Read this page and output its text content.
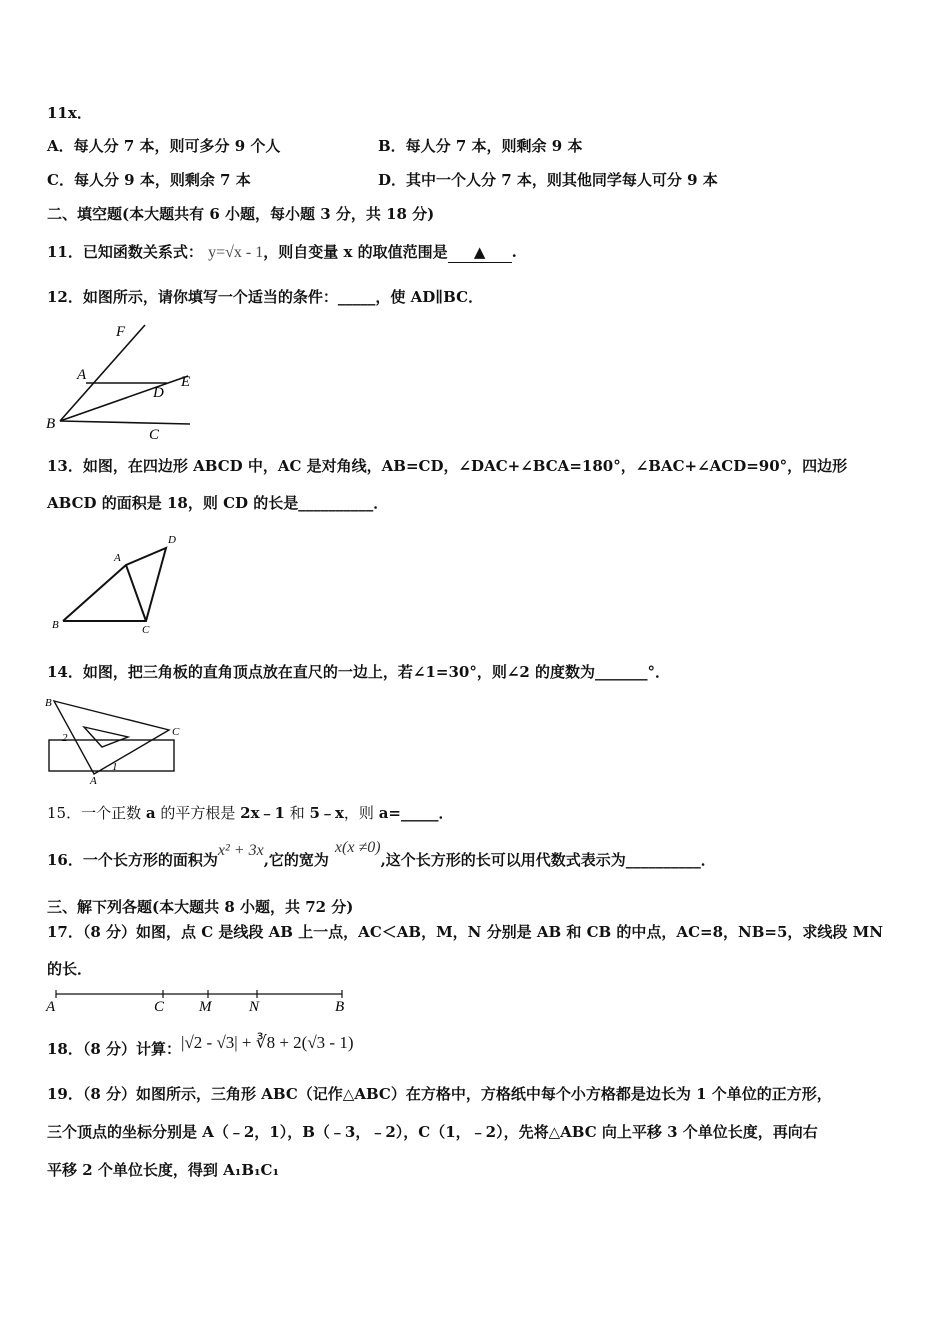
11x．
A．每人分 7 本，则可多分 9 个人	B．每人分 7 本，则剩余 9 本
C．每人分 9 本，则剩余 7 本	D．其中一个人分 7 本，则其他同学每人可分 9 本
二、填空题(本大题共有 6 小题，每小题 3 分，共 18 分)
11．已知函数关系式： y=√x - 1，则自变量 x 的取值范围是 ▲ .
12．如图所示，请你填写一个适当的条件：_____，使 AD∥BC．
F
A
D
E
B
C
13．如图，在四边形 ABCD 中，AC 是对角线，AB=CD，∠DAC+∠BCA=180°，∠BAC+∠ACD=90°，四边形
ABCD 的面积是 18，则 CD 的长是__________．
A
D
B	C
14．如图，把三角板的直角顶点放在直尺的一边上，若∠1=30°，则∠2 的度数为_______°．
B
C
2
A
1
15．一个正数 a 的平方根是 2x﹣1 和 5﹣x，则 a=_____．
16．一个长方形的面积为x² + 3x,它的宽为x(x ≠0),这个长方形的长可以用代数式表示为__________．
三、解下列各题(本大题共 8 小题，共 72 分)
17．（8 分）如图，点 C 是线段 AB 上一点，AC＜AB，M，N 分别是 AB 和 CB 的中点，AC=8，NB=5，求线段 MN
的长．
A	C M	N	B
18．（8 分）计算：|√2 - √3| + ∛8 + 2(√3 - 1)
19．（8 分）如图所示，三角形 ABC（记作△ABC）在方格中，方格纸中每个小方格都是边长为 1 个单位的正方形，
三个顶点的坐标分别是 A（﹣2，1），B（﹣3，﹣2），C（1，﹣2），先将△ABC 向上平移 3 个单位长度，再向右
平移 2 个单位长度，得到 A₁B₁C₁
